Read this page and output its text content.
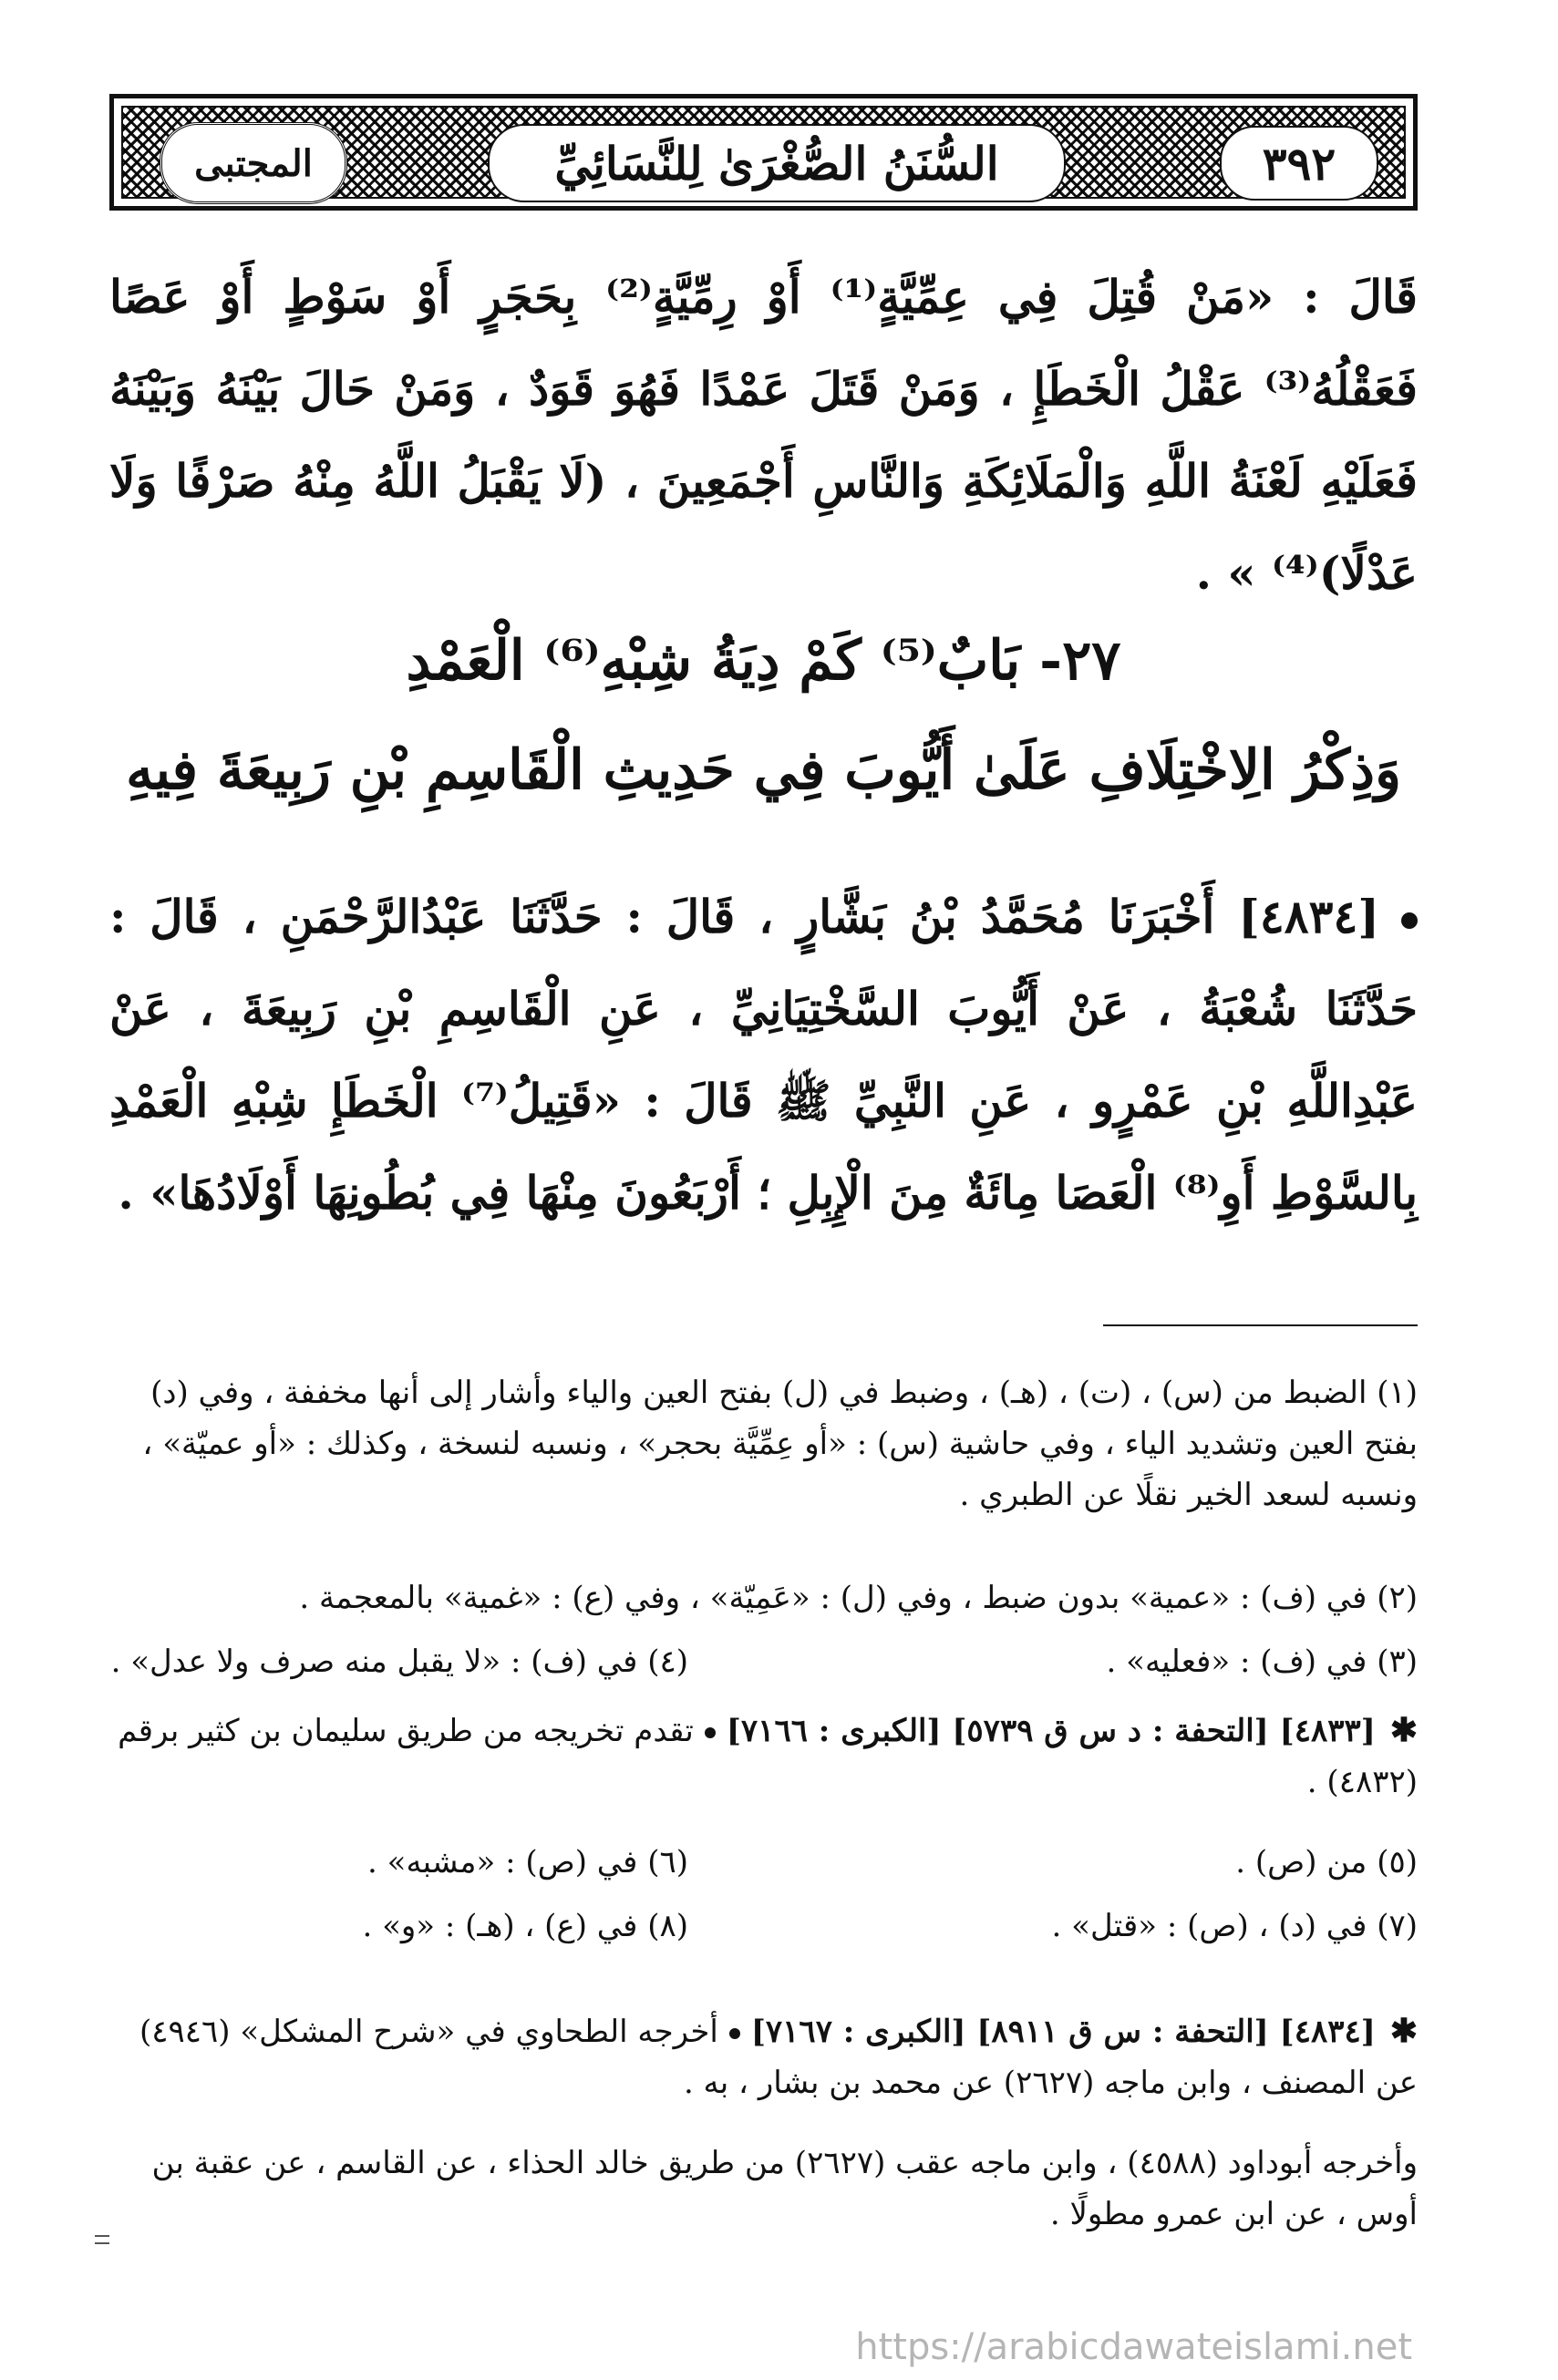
المجتبى	السُّنَنُ الصُّغْرَىٰ لِلنَّسَائِيِّ	٣٩٢
قَالَ : «مَنْ قُتِلَ فِي عِمِّيَّةٍ⁽¹⁾ أَوْ رِمِّيَّةٍ⁽²⁾ بِحَجَرٍ أَوْ سَوْطٍ أَوْ عَصًا فَعَقْلُهُ⁽³⁾ عَقْلُ الْخَطَإِ ، وَمَنْ قَتَلَ عَمْدًا فَهُوَ قَوَدٌ ، وَمَنْ حَالَ بَيْنَهُ وَبَيْنَهُ فَعَلَيْهِ لَعْنَةُ اللَّهِ وَالْمَلَائِكَةِ وَالنَّاسِ أَجْمَعِينَ ، (لَا يَقْبَلُ اللَّهُ مِنْهُ صَرْفًا وَلَا عَدْلًا)⁽⁴⁾ » .
٢٧- بَابٌ⁽⁵⁾ كَمْ دِيَةُ شِبْهِ⁽⁶⁾ الْعَمْدِ
وَذِكْرُ الِاخْتِلَافِ عَلَىٰ أَيُّوبَ فِي حَدِيثِ الْقَاسِمِ بْنِ رَبِيعَةَ فِيهِ
[٤٨٣٤] أَخْبَرَنَا مُحَمَّدُ بْنُ بَشَّارٍ ، قَالَ : حَدَّثَنَا عَبْدُالرَّحْمَنِ ، قَالَ : حَدَّثَنَا شُعْبَةُ ، عَنْ أَيُّوبَ السَّخْتِيَانِيِّ ، عَنِ الْقَاسِمِ بْنِ رَبِيعَةَ ، عَنْ عَبْدِاللَّهِ بْنِ عَمْرٍو ، عَنِ النَّبِيِّ ﷺ قَالَ : «قَتِيلُ⁽⁷⁾ الْخَطَإِ شِبْهِ الْعَمْدِ بِالسَّوْطِ أَوِ⁽⁸⁾ الْعَصَا مِائَةٌ مِنَ الْإِبِلِ ؛ أَرْبَعُونَ مِنْهَا فِي بُطُونِهَا أَوْلَادُهَا» .
(١) الضبط من (س) ، (ت) ، (هـ) ، وضبط في (ل) بفتح العين والياء وأشار إلى أنها مخففة ، وفي (د) بفتح العين وتشديد الياء ، وفي حاشية (س) : «أو عِمِّيَّة بحجر» ، ونسبه لنسخة ، وكذلك : «أو عميّة» ، ونسبه لسعد الخير نقلًا عن الطبري .
(٢) في (ف) : «عمية» بدون ضبط ، وفي (ل) : «عَمِيّة» ، وفي (ع) : «غمية» بالمعجمة .
(٣) في (ف) : «فعليه» .
(٤) في (ف) : «لا يقبل منه صرف ولا عدل» .
✱[٤٨٣٣] [التحفة : د س ق ٥٧٣٩] [الكبرى : ٧١٦٦]تقدم تخريجه من طريق سليمان بن كثير برقم (٤٨٣٢) .
(٥) من (ص) .
(٦) في (ص) : «مشبه» .
(٧) في (د) ، (ص) : «قتل» .
(٨) في (ع) ، (هـ) : «و» .
✱[٤٨٣٤] [التحفة : س ق ٨٩١١] [الكبرى : ٧١٦٧]أخرجه الطحاوي في «شرح المشكل» (٤٩٤٦) عن المصنف ، وابن ماجه (٢٦٢٧) عن محمد بن بشار ، به .
وأخرجه أبوداود (٤٥٨٨) ، وابن ماجه عقب (٢٦٢٧) من طريق خالد الحذاء ، عن القاسم ، عن عقبة بن أوس ، عن ابن عمرو مطولًا .
https://arabicdawateislami.net
